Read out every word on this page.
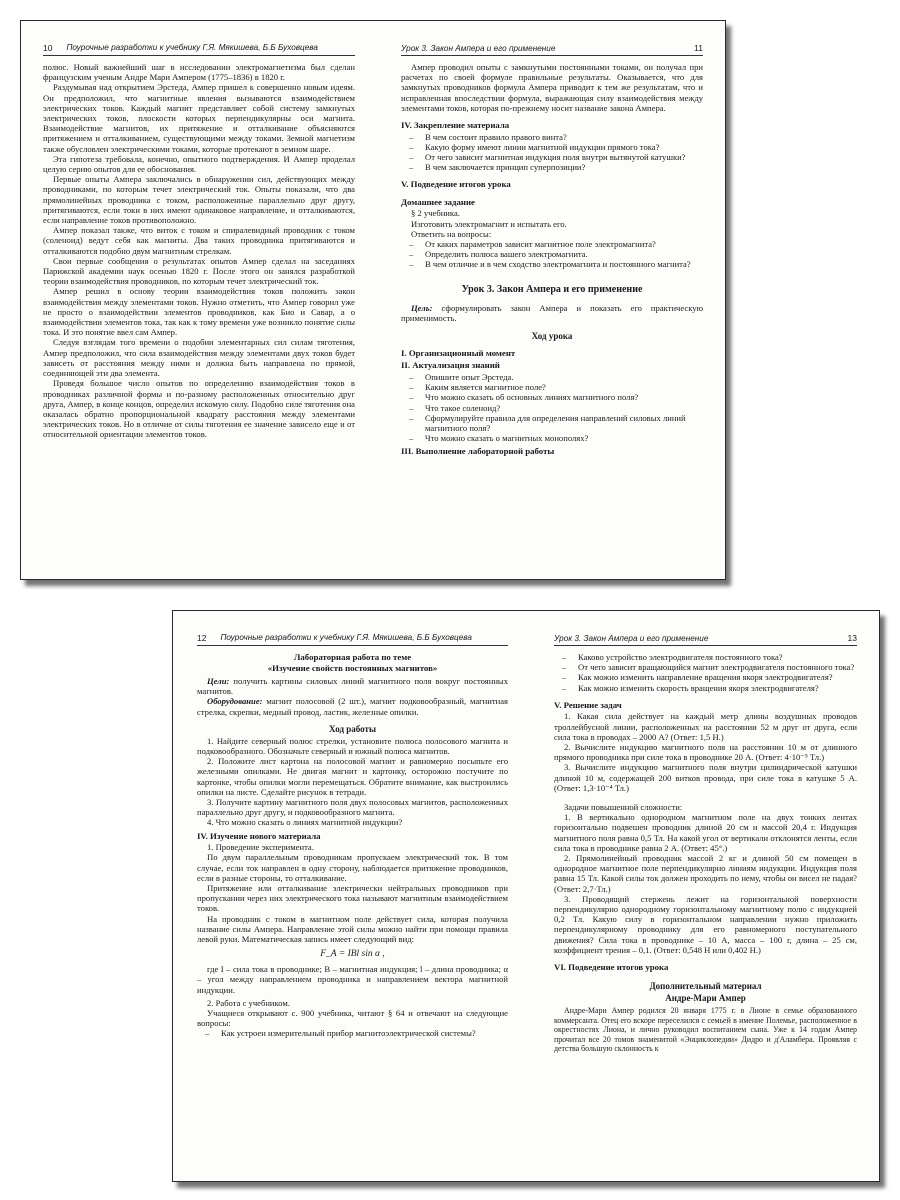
10 Поурочные разработки к учебнику Г.Я. Мякишева, Б.Б Буховцева

полюс. Новый важнейший шаг в исследовании электромагнетизма был сделан французским ученым Андре Мари Ампером (1775–1836) в 1820 г.

Раздумывая над открытием Эрстеда, Ампер пришел к совершенно новым идеям. Он предположил, что магнитные явления вызываются взаимодействием электрических токов. Каждый магнит представляет собой систему замкнутых электрических токов, плоскости которых перпендикулярны оси магнита. Взаимодействие магнитов, их притяжение и отталкивание объясняются притяжением и отталкиванием, существующими между токами. Земной магнетизм также обусловлен электрическими токами, которые протекают в земном шаре.

Эта гипотеза требовала, конечно, опытного подтверждения. И Ампер проделал целую серию опытов для ее обоснования.

Первые опыты Ампера заключались в обнаружении сил, действующих между проводниками, по которым течет электрический ток. Опыты показали, что два прямолинейных проводника с током, расположенные параллельно друг другу, притягиваются, если токи в них имеют одинаковое направление, и отталкиваются, если направление токов противоположно.

Ампер показал также, что виток с током и спиралевидный проводник с током (соленоид) ведут себя как магниты. Два таких проводника притягиваются и отталкиваются подобно двум магнитным стрелкам.

Свои первые сообщения о результатах опытов Ампер сделал на заседаниях Парижской академии наук осенью 1820 г. После этого он занялся разработкой теории взаимодействия проводников, по которым течет электрический ток.

Ампер решил в основу теории взаимодействия токов положить закон взаимодействия между элементами токов. Нужно отметить, что Ампер говорил уже не просто о взаимодействии элементов проводников, как Био и Савар, а о взаимодействии элементов тока, так как к тому времени уже возникло понятие силы тока. И это понятие ввел сам Ампер.

Следуя взглядам того времени о подобии элементарных сил силам тяготения, Ампер предположил, что сила взаимодействия между элементами двух токов будет зависеть от расстояния между ними и должна быть направлена по прямой, соединяющей эти два элемента.

Проведя большое число опытов по определению взаимодействия токов в проводниках различной формы и по-разному расположенных относительно друг друга, Ампер, в конце концов, определил искомую силу. Подобно силе тяготения она оказалась обратно пропорциональной квадрату расстояния между элементами электрических токов. Но в отличие от силы тяготения ее значение зависело еще и от относительной ориентации элементов токов.

Урок 3. Закон Ампера и его применение	11

Ампер проводил опыты с замкнутыми постоянными токами, он получал при расчетах по своей формуле правильные результаты. Оказывается, что для замкнутых проводников формула Ампера приводит к тем же результатам, что и исправленная впоследствии формула, выражающая силу взаимодействия между элементами токов, которая по-прежнему носит название закона Ампера.

IV. Закрепление материала
– В чем состоит правило правого винта?
– Какую форму имеют линии магнитной индукции прямого тока?
– От чего зависит магнитная индукция поля внутри вытянутой катушки?
– В чем заключается принцип суперпозиции?
V. Подведение итогов урока
Домашнее задание

§ 2 учебника.

Изготовить электромагнит и испытать его.

Ответить на вопросы:

– От каких параметров зависит магнитное поле электромагнита?
– Определить полюса вашего электромагнита.
– В чем отличие и в чем сходство электромагнита и постоянного магнита?
Урок 3. Закон Ампера и его применение

Цель: сформулировать закон Ампера и показать его практическую применимость.

Ход урока
I. Организационный момент
II. Актуализация знаний
– Опишите опыт Эрстеда.
– Каким является магнитное поле?
– Что можно сказать об основных линиях магнитного поля?
– Что такое соленоид?
– Сформулируйте правила для определения направлений силовых линий магнитного поля?
– Что можно сказать о магнитных монополях?
III. Выполнение лабораторной работы
12 Поурочные разработки к учебнику Г.Я. Мякишева, Б.Б Буховцева
Лабораторная работа по теме
«Изучение свойств постоянных магнитов»

Цели: получить картины силовых линий магнитного поля вокруг постоянных магнитов.

Оборудование: магнит полосовой (2 шт.), магнит подковообразный, магнитная стрелка, скрепки, медный провод, ластик, железные опилки.

Ход работы

1. Найдите северный полюс стрелки, установите полюса полосового магнита и подковообразного. Обозначьте северный и южный полюса магнитов.

2. Положите лист картона на полосовой магнит и равномерно посыпьте его железными опилками. Не двигая магнит и картонку, осторожно постучите по картонке, чтобы опилки могли перемещаться. Обратите внимание, как выстроились опилки на листе. Сделайте рисунок в тетради.

3. Получите картину магнитного поля двух полосовых магнитов, расположенных параллельно друг другу, и подковообразного магнита.

4. Что можно сказать о линиях магнитной индукции?

IV. Изучение нового материала

1. Проведение эксперимента.

По двум параллельным проводникам пропускаем электрический ток. В том случае, если ток направлен в одну сторону, наблюдается притяжение проводников, если в разные стороны, то отталкивание.

Притяжение или отталкивание электрически нейтральных проводников при пропускании через них электрического тока называют магнитным взаимодействием токов.

На проводник с током в магнитном поле действует сила, которая получила название силы Ампера. Направление этой силы можно найти при помощи правила левой руки. Математическая запись имеет следующий вид:

F_A = IBl sin α ,

где I – сила тока в проводнике; B – магнитная индукция; l – длина проводника; α – угол между направлением проводника и направлением вектора магнитной индукции.

2. Работа с учебником.

Учащиеся открывают с. 900 учебника, читают § 64 и отвечают на следующие вопросы:

– Как устроен измерительный прибор магнитоэлектрической системы?
Урок 3. Закон Ампера и его применение	13
– Каково устройство электродвигателя постоянного тока?
– От чего зависит вращающийся магнит электродвигателя постоянного тока?
– Как можно изменить направление вращения якоря электродвигателя?
– Как можно изменить скорость вращения якоря электродвигателя?
V. Решение задач

1. Какая сила действует на каждый метр длины воздушных проводов троллейбусной линии, расположенных на расстоянии 52 м друг от друга, если сила тока в проводах – 2000 А? (Ответ: 1,5 Н.)

2. Вычислите индукцию магнитного поля на расстоянии 10 м от длинного прямого проводника при силе тока в проводнике 20 А. (Ответ: 4·10⁻⁵ Тл.)

3. Вычислите индукцию магнитного поля внутри цилиндрической катушки длиной 10 м, содержащей 200 витков провода, при силе тока в катушке 5 А. (Ответ: 1,3·10⁻⁴ Тл.)

Задачи повышенной сложности:

1. В вертикально однородном магнитном поле на двух тонких лентах горизонтально подвешен проводник длиной 20 см и массой 20,4 г. Индукция магнитного поля равна 0,5 Тл. На какой угол от вертикали отклонятся ленты, если сила тока в проводнике равна 2 А. (Ответ: 45°.)

2. Прямолинейный проводник массой 2 кг и длиной 50 см помещен в однородное магнитное поле перпендикулярно линиям индукции. Индукция поля равна 15 Тл. Какой силы ток должен проходить по нему, чтобы он висел не падая? (Ответ: 2,7·Тл.)

3. Проводящий стержень лежит на горизонтальной поверхности перпендикулярно однородному горизонтальному магнитному полю с индукцией 0,2 Тл. Какую силу в горизонтальном направлении нужно приложить перпендикулярному проводнику для его равномерного поступательного движения? Сила тока в проводнике – 10 А, масса – 100 г, длина – 25 см, коэффициент трения – 0,1. (Ответ: 0,548 Н или 0,402 Н.)

VI. Подведение итогов урока
Дополнительный материал
Андре-Мари Ампер

Андре-Мари Ампер родился 20 января 1775 г. в Лионе в семье образованного коммерсанта. Отец его вскоре переселился с семьей в имение Полемье, расположенное в окрестностях Лиона, и лично руководил воспитанием сына. Уже к 14 годам Ампер прочитал все 20 томов знаменитой «Энциклопедии» Дидро и д'Аламбера. Проявляя с детства большую склонность к
